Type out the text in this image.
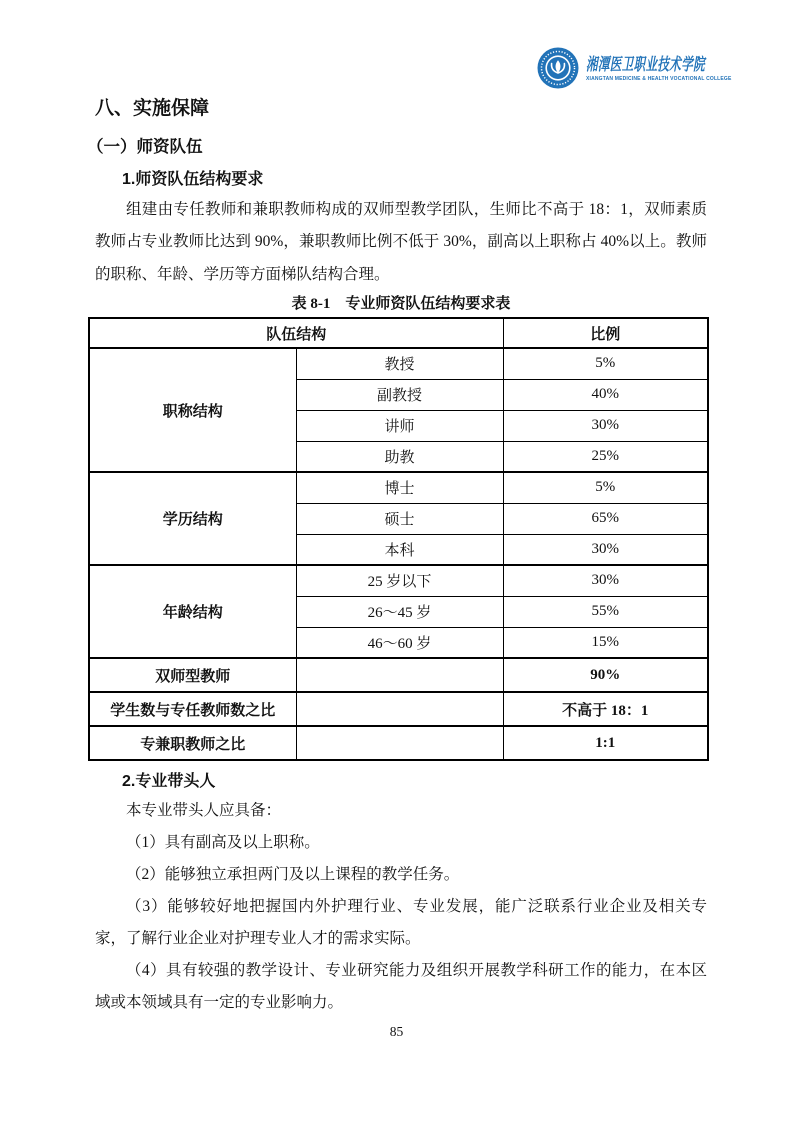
湘潭医卫职业技术学院
XIANGTAN MEDICINE & HEALTH VOCATIONAL COLLEGE

八、实施保障

（一）师资队伍

1.师资队伍结构要求

组建由专任教师和兼职教师构成的双师型教学团队，生师比不高于 18：1，双师素质教师占专业教师比达到 90%，兼职教师比例不低于 30%，副高以上职称占 40%以上。教师的职称、年龄、学历等方面梯队结构合理。

表 8-1　专业师资队伍结构要求表

队伍结构		比例
职称结构	教授	5%
	副教授	40%
	讲师	30%
	助教	25%
学历结构	博士	5%
	硕士	65%
	本科	30%
年龄结构	25 岁以下	30%
	26～45 岁	55%
	46～60 岁	15%
双师型教师		90%
学生数与专任教师数之比		不高于 18：1
专兼职教师之比		1:1

2.专业带头人

本专业带头人应具备：

（1）具有副高及以上职称。

（2）能够独立承担两门及以上课程的教学任务。

（3）能够较好地把握国内外护理行业、专业发展，能广泛联系行业企业及相关专家，了解行业企业对护理专业人才的需求实际。

（4）具有较强的教学设计、专业研究能力及组织开展教学科研工作的能力，在本区域或本领域具有一定的专业影响力。

85
